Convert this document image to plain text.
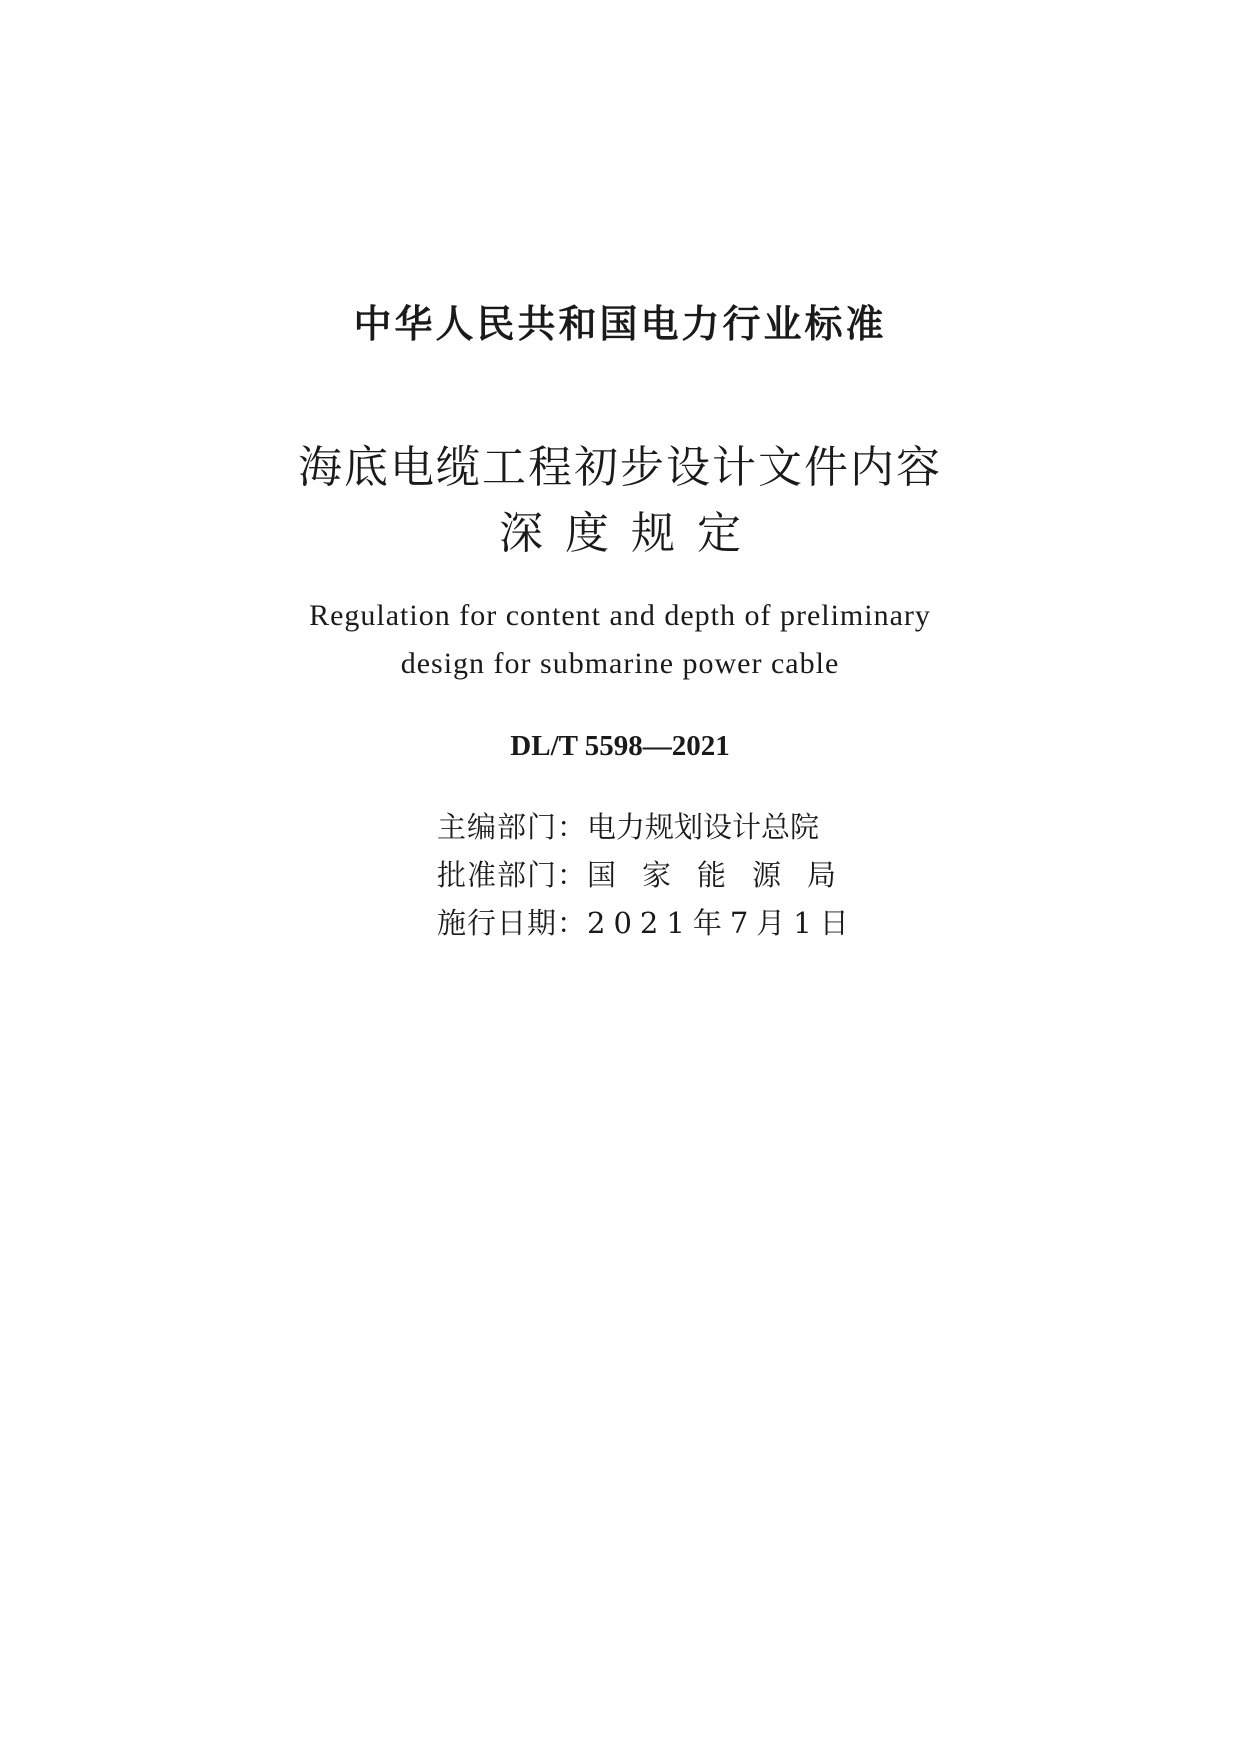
中华人民共和国电力行业标准
海底电缆工程初步设计文件内容
深度规定
Regulation for content and depth of preliminary
design for submarine power cable
DL/T 5598—2021
主编部门：电力规划设计总院
批准部门：国家能源局
施行日期：2021年7月1日
